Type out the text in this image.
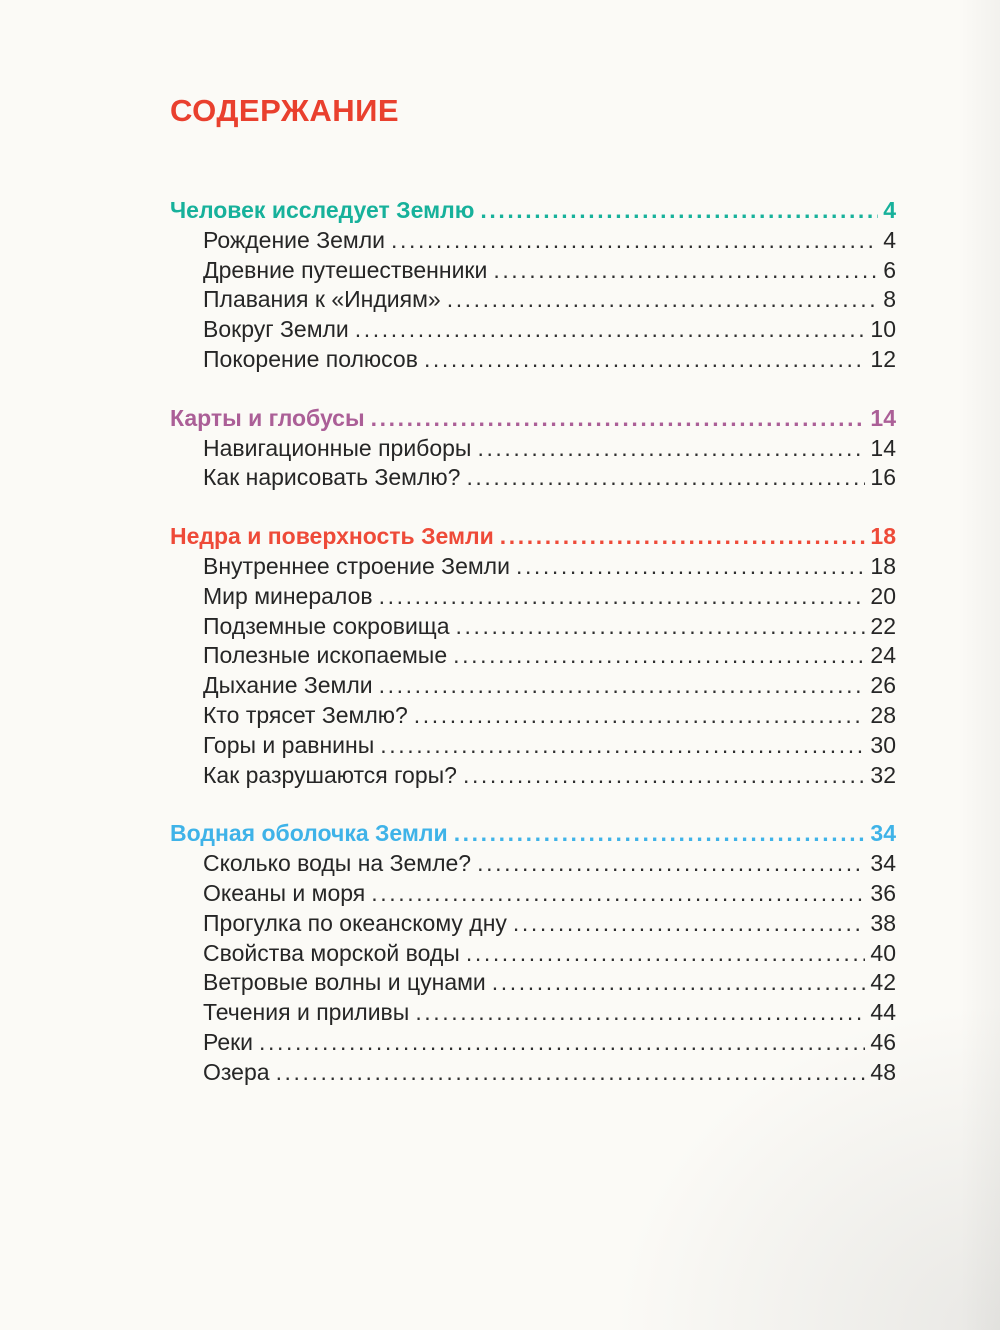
СОДЕРЖАНИЕ
Человек исследует Землю .....	4
Рождение Земли .....	4
Древние путешественники .....	6
Плавания к «Индиям» .....	8
Вокруг Земли .....	10
Покорение полюсов .....	12
Карты и глобусы .....	14
Навигационные приборы .....	14
Как нарисовать Землю? .....	16
Недра и поверхность Земли .....	18
Внутреннее строение Земли .....	18
Мир минералов .....	20
Подземные сокровища .....	22
Полезные ископаемые .....	24
Дыхание Земли .....	26
Кто трясет Землю? .....	28
Горы и равнины .....	30
Как разрушаются горы? .....	32
Водная оболочка Земли .....	34
Сколько воды на Земле? .....	34
Океаны и моря .....	36
Прогулка по океанскому дну .....	38
Свойства морской воды .....	40
Ветровые волны и цунами .....	42
Течения и приливы .....	44
Реки .....	46
Озера .....	48
